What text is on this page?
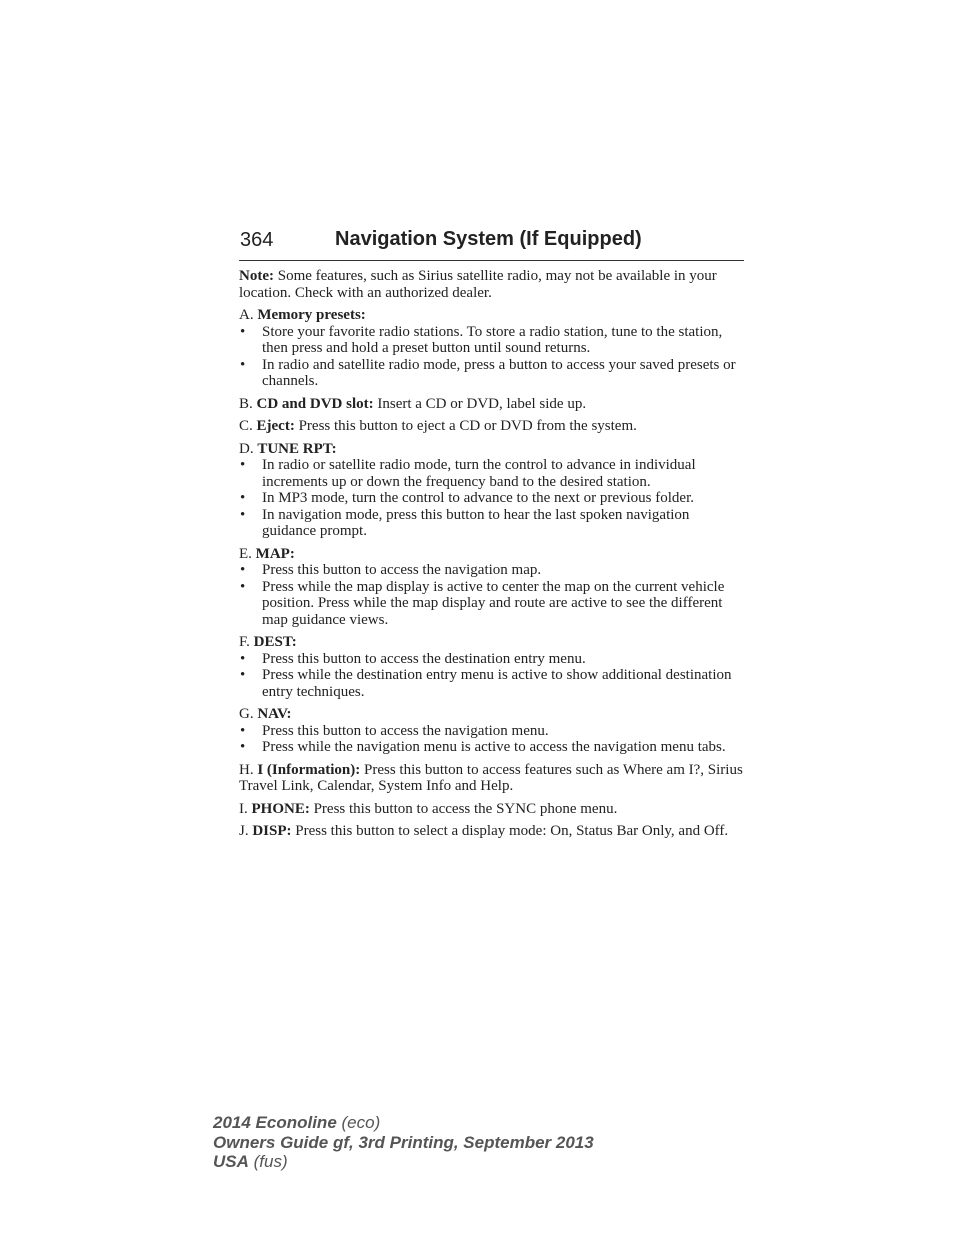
364	Navigation System (If Equipped)

Note: Some features, such as Sirius satellite radio, may not be available in your location. Check with an authorized dealer.

A. Memory presets:

• Store your favorite radio stations. To store a radio station, tune to the station, then press and hold a preset button until sound returns.
• In radio and satellite radio mode, press a button to access your saved presets or channels.

B. CD and DVD slot: Insert a CD or DVD, label side up.

C. Eject: Press this button to eject a CD or DVD from the system.

D. TUNE RPT:

• In radio or satellite radio mode, turn the control to advance in individual increments up or down the frequency band to the desired station.
• In MP3 mode, turn the control to advance to the next or previous folder.
• In navigation mode, press this button to hear the last spoken navigation guidance prompt.

E. MAP:

• Press this button to access the navigation map.
• Press while the map display is active to center the map on the current vehicle position. Press while the map display and route are active to see the different map guidance views.

F. DEST:

• Press this button to access the destination entry menu.
• Press while the destination entry menu is active to show additional destination entry techniques.

G. NAV:

• Press this button to access the navigation menu.
• Press while the navigation menu is active to access the navigation menu tabs.

H. I (Information): Press this button to access features such as Where am I?, Sirius Travel Link, Calendar, System Info and Help.

I. PHONE: Press this button to access the SYNC phone menu.

J. DISP: Press this button to select a display mode: On, Status Bar Only, and Off.

2014 Econoline (eco)
Owners Guide gf, 3rd Printing, September 2013
USA (fus)
